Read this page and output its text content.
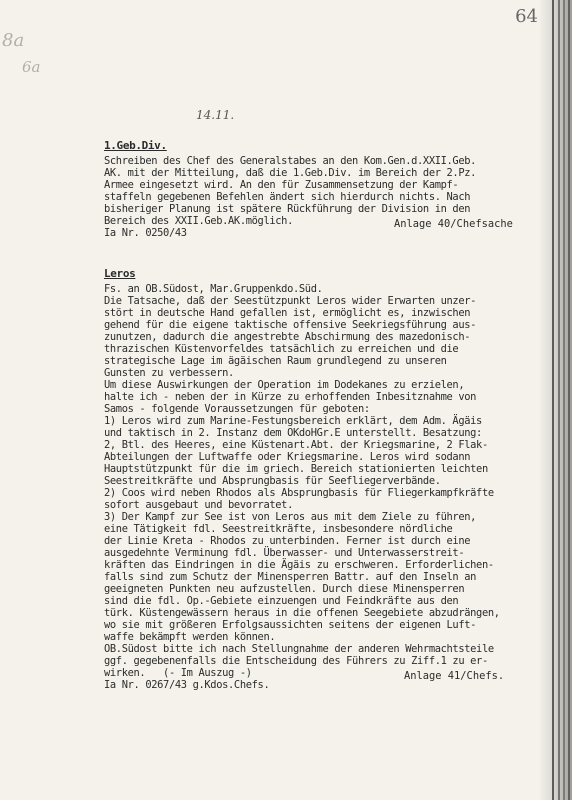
8a
6a
64
14.11.
1.Geb.Div.
Schreiben des Chef des Generalstabes an den Kom.Gen.d.XXII.Geb.
AK. mit der Mitteilung, daß die 1.Geb.Div. im Bereich der 2.Pz.
Armee eingesetzt wird. An den für Zusammensetzung der Kampf-
staffeln gegebenen Befehlen ändert sich hierdurch nichts. Nach
bisheriger Planung ist spätere Rückführung der Division in den
Bereich des XXII.Geb.AK.möglich.
Ia Nr. 0250/43
Anlage 40/Chefsache
Leros
Fs. an OB.Südost, Mar.Gruppenkdo.Süd.
Die Tatsache, daß der Seestützpunkt Leros wider Erwarten unzer-
stört in deutsche Hand gefallen ist, ermöglicht es, inzwischen
gehend für die eigene taktische offensive Seekriegsführung aus-
zunutzen, dadurch die angestrebte Abschirmung des mazedonisch-
thrazischen Küstenvorfeldes tatsächlich zu erreichen und die
strategische Lage im ägäischen Raum grundlegend zu unseren
Gunsten zu verbessern.
Um diese Auswirkungen der Operation im Dodekanes zu erzielen,
halte ich - neben der in Kürze zu erhoffenden Inbesitznahme von
Samos - folgende Voraussetzungen für geboten:
1) Leros wird zum Marine-Festungsbereich erklärt, dem Adm. Ägäis
und taktisch in 2. Instanz dem OKdoHGr.E unterstellt. Besatzung:
2, Btl. des Heeres, eine Küstenart.Abt. der Kriegsmarine, 2 Flak-
Abteilungen der Luftwaffe oder Kriegsmarine. Leros wird sodann
Hauptstützpunkt für die im griech. Bereich stationierten leichten
Seestreitkräfte und Absprungbasis für Seefliegerverbände.
2) Coos wird neben Rhodos als Absprungbasis für Fliegerkampfkräfte
sofort ausgebaut und bevorratet.
3) Der Kampf zur See ist von Leros aus mit dem Ziele zu führen,
eine Tätigkeit fdl. Seestreitkräfte, insbesondere nördliche
der Linie Kreta - Rhodos zu unterbinden. Ferner ist durch eine
ausgedehnte Verminung fdl. Überwasser- und Unterwasserstreit-
kräften das Eindringen in die Ägäis zu erschweren. Erforderlichen-
falls sind zum Schutz der Minensperren Battr. auf den Inseln an
geeigneten Punkten neu aufzustellen. Durch diese Minensperren
sind die fdl. Op.-Gebiete einzuengen und Feindkräfte aus den
türk. Küstengewässern heraus in die offenen Seegebiete abzudrängen,
wo sie mit größeren Erfolgsaussichten seitens der eigenen Luft-
waffe bekämpft werden können.
OB.Südost bitte ich nach Stellungnahme der anderen Wehrmachtsteile
ggf. gegebenenfalls die Entscheidung des Führers zu Ziff.1 zu er-
wirken.   (- Im Auszug -)
Ia Nr. 0267/43 g.Kdos.Chefs.
Anlage 41/Chefs.
